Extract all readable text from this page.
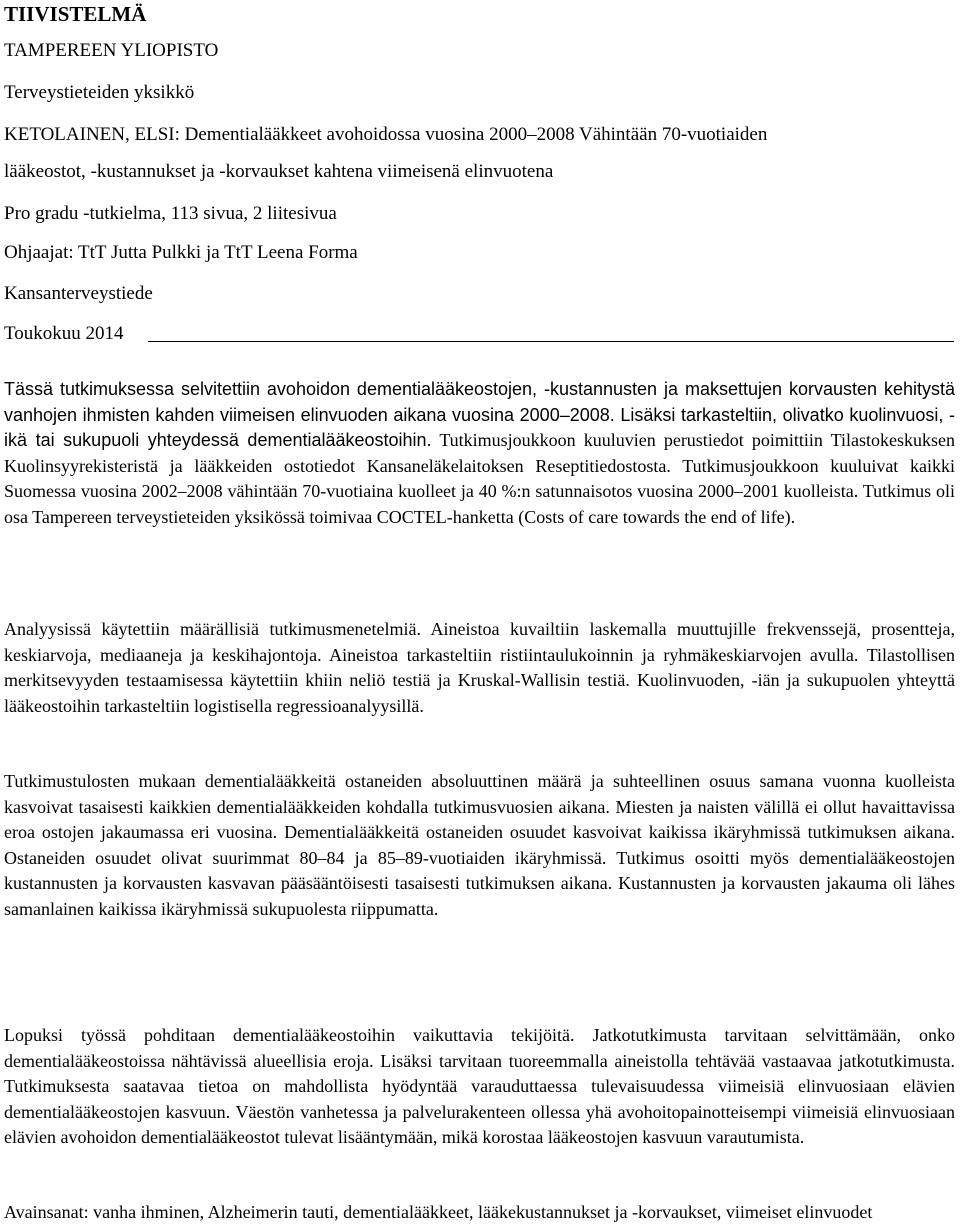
TIIVISTELMÄ
TAMPEREEN YLIOPISTO
Terveystieteiden yksikkö
KETOLAINEN, ELSI: Dementialääkkeet avohoidossa vuosina 2000–2008 Vähintään 70-vuotiaiden
lääkeostot, -kustannukset ja -korvaukset kahtena viimeisenä elinvuotena
Pro gradu -tutkielma, 113 sivua, 2 liitesivua
Ohjaajat: TtT Jutta Pulkki ja TtT Leena Forma
Kansanterveystiede
Toukokuu 2014

Tässä tutkimuksessa selvitettiin avohoidon dementialääkeostojen, -kustannusten ja maksettujen korvausten kehitystä vanhojen ihmisten kahden viimeisen elinvuoden aikana vuosina 2000–2008. Lisäksi tarkasteltiin, olivatko kuolinvuosi, -ikä tai sukupuoli yhteydessä dementialääkeostoihin. Tutkimusjoukkoon kuuluvien perustiedot poimittiin Tilastokeskuksen Kuolinsyyrekisteristä ja lääkkeiden ostotiedot Kansaneläkelaitoksen Reseptitiedostosta. Tutkimusjoukkoon kuuluivat kaikki Suomessa vuosina 2002–2008 vähintään 70-vuotiaina kuolleet ja 40 %:n satunnaisotos vuosina 2000–2001 kuolleista. Tutkimus oli osa Tampereen terveystieteiden yksikössä toimivaa COCTEL-hanketta (Costs of care towards the end of life).

Analyysissä käytettiin määrällisiä tutkimusmenetelmiä. Aineistoa kuvailtiin laskemalla muuttujille frekvenssejä, prosentteja, keskiarvoja, mediaaneja ja keskihajontoja. Aineistoa tarkasteltiin ristiintaulukoinnin ja ryhmäkeskiarvojen avulla. Tilastollisen merkitsevyyden testaamisessa käytettiin khiin neliö testiä ja Kruskal-Wallisin testiä. Kuolinvuoden, -iän ja sukupuolen yhteyttä lääkeostoihin tarkasteltiin logistisella regressioanalyysillä.

Tutkimustulosten mukaan dementialääkkeitä ostaneiden absoluuttinen määrä ja suhteellinen osuus samana vuonna kuolleista kasvoivat tasaisesti kaikkien dementialääkkeiden kohdalla tutkimusvuosien aikana. Miesten ja naisten välillä ei ollut havaittavissa eroa ostojen jakaumassa eri vuosina. Dementialääkkeitä ostaneiden osuudet kasvoivat kaikissa ikäryhmissä tutkimuksen aikana. Ostaneiden osuudet olivat suurimmat 80–84 ja 85–89-vuotiaiden ikäryhmissä. Tutkimus osoitti myös dementialääkeostojen kustannusten ja korvausten kasvavan pääsääntöisesti tasaisesti tutkimuksen aikana. Kustannusten ja korvausten jakauma oli lähes samanlainen kaikissa ikäryhmissä sukupuolesta riippumatta.

Lopuksi työssä pohditaan dementialääkeostoihin vaikuttavia tekijöitä. Jatkotutkimusta tarvitaan selvittämään, onko dementialääkeostoissa nähtävissä alueellisia eroja. Lisäksi tarvitaan tuoreemmalla aineistolla tehtävää vastaavaa jatkotutkimusta. Tutkimuksesta saatavaa tietoa on mahdollista hyödyntää varauduttaessa tulevaisuudessa viimeisiä elinvuosiaan elävien dementialääkeostojen kasvuun. Väestön vanhetessa ja palvelurakenteen ollessa yhä avohoitopainotteisempi viimeisiä elinvuosiaan elävien avohoidon dementialääkeostot tulevat lisääntymään, mikä korostaa lääkeostojen kasvuun varautumista.

Avainsanat: vanha ihminen, Alzheimerin tauti, dementialääkkeet, lääkekustannukset ja -korvaukset, viimeiset elinvuodet
